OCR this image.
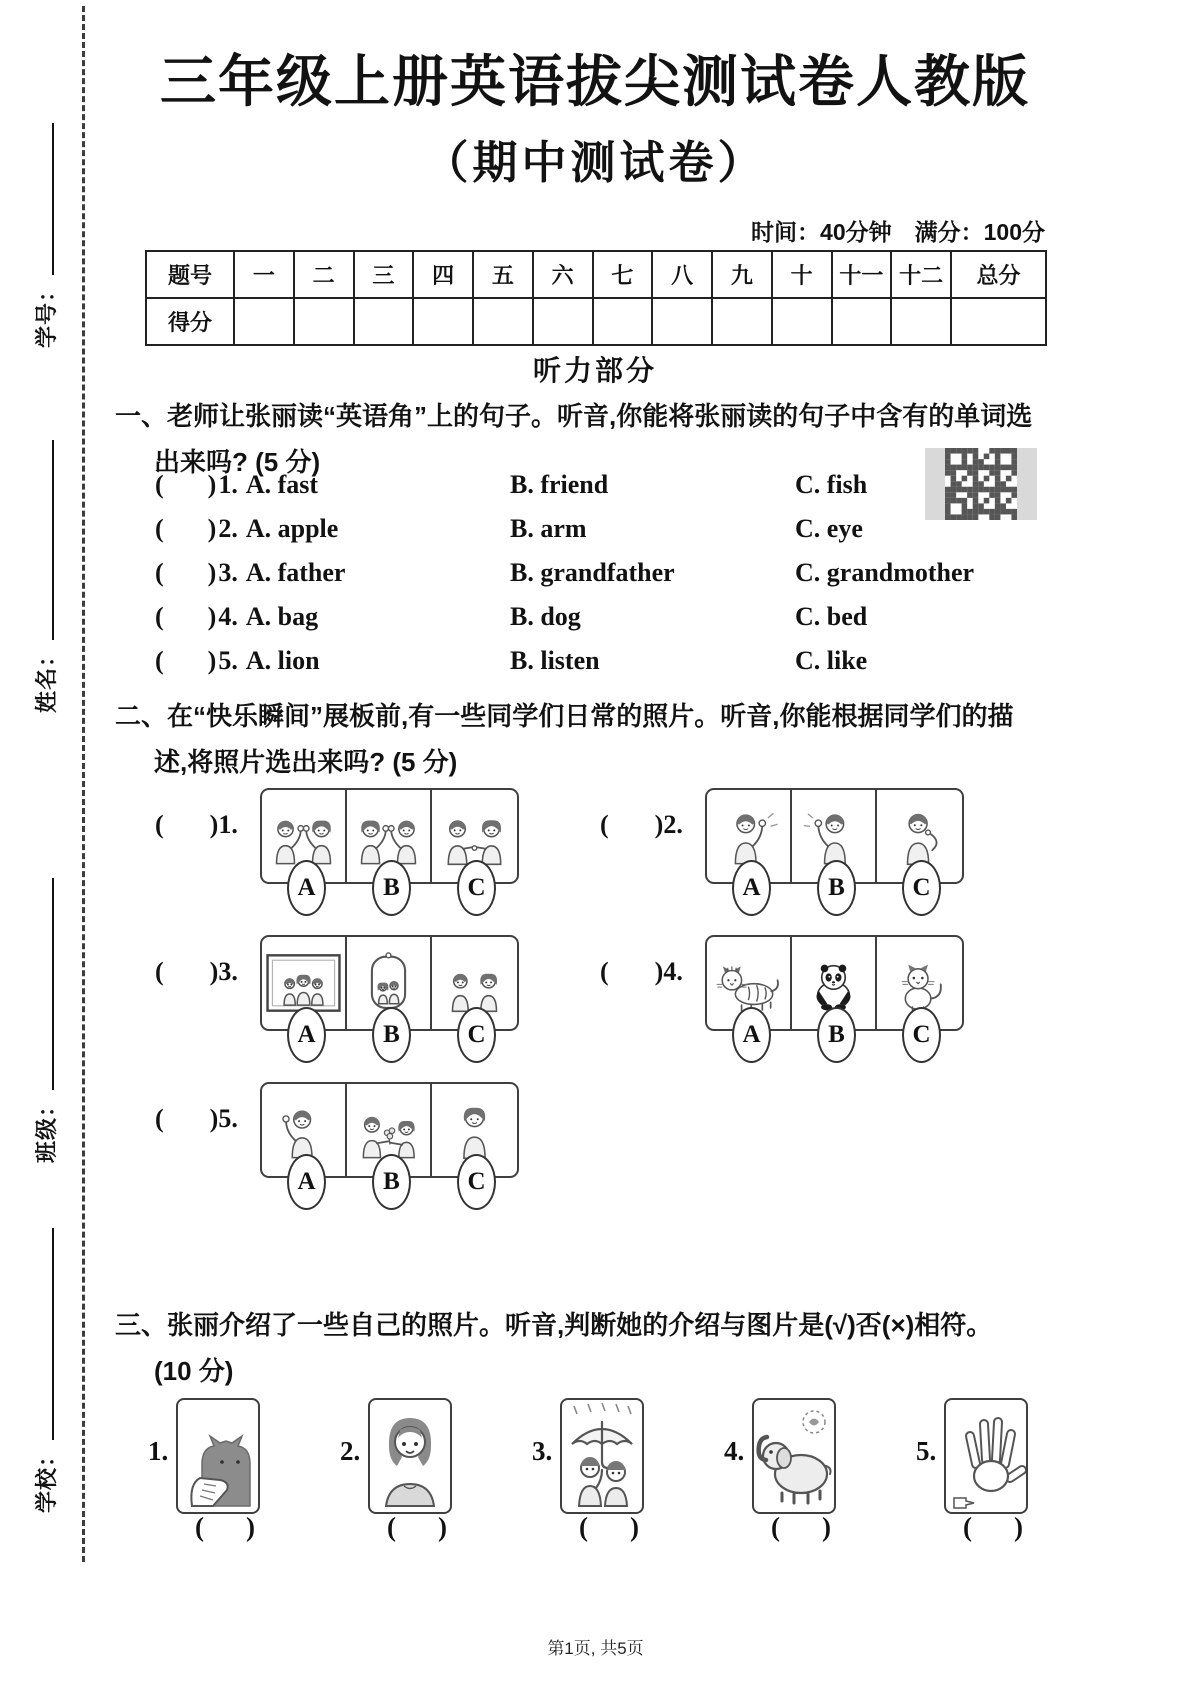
学号：
姓名：
班级：
学校：
三年级上册英语拔尖测试卷人教版
（期中测试卷）
时间：40分钟　满分：100分
题号	一	二	三	四	五	六	七	八	九	十	十一	十二	总分
得分													
听力部分
一、老师让张丽读“英语角”上的句子。听音,你能将张丽读的句子中含有的单词选
出来吗? (5 分)
( )1. A. fast	B. friend	C. fish
( )2. A. apple	B. arm	C. eye
( )3. A. father	B. grandfather	C. grandmother
( )4. A. bag	B. dog	C. bed
( )5. A. lion	B. listen	C. like
二、在“快乐瞬间”展板前,有一些同学们日常的照片。听音,你能根据同学们的描
述,将照片选出来吗? (5 分)
( )1.
A	B	C
( )2.
A	B	C
( )3.
A	B	C
( )4.
A	B	C
( )5.
A	B	C
三、张丽介绍了一些自己的照片。听音,判断她的介绍与图片是(√)否(×)相符。
(10 分)
1.	2.	3.	4.	5.
( )	( )	( )	( )	( )
第1页, 共5页
